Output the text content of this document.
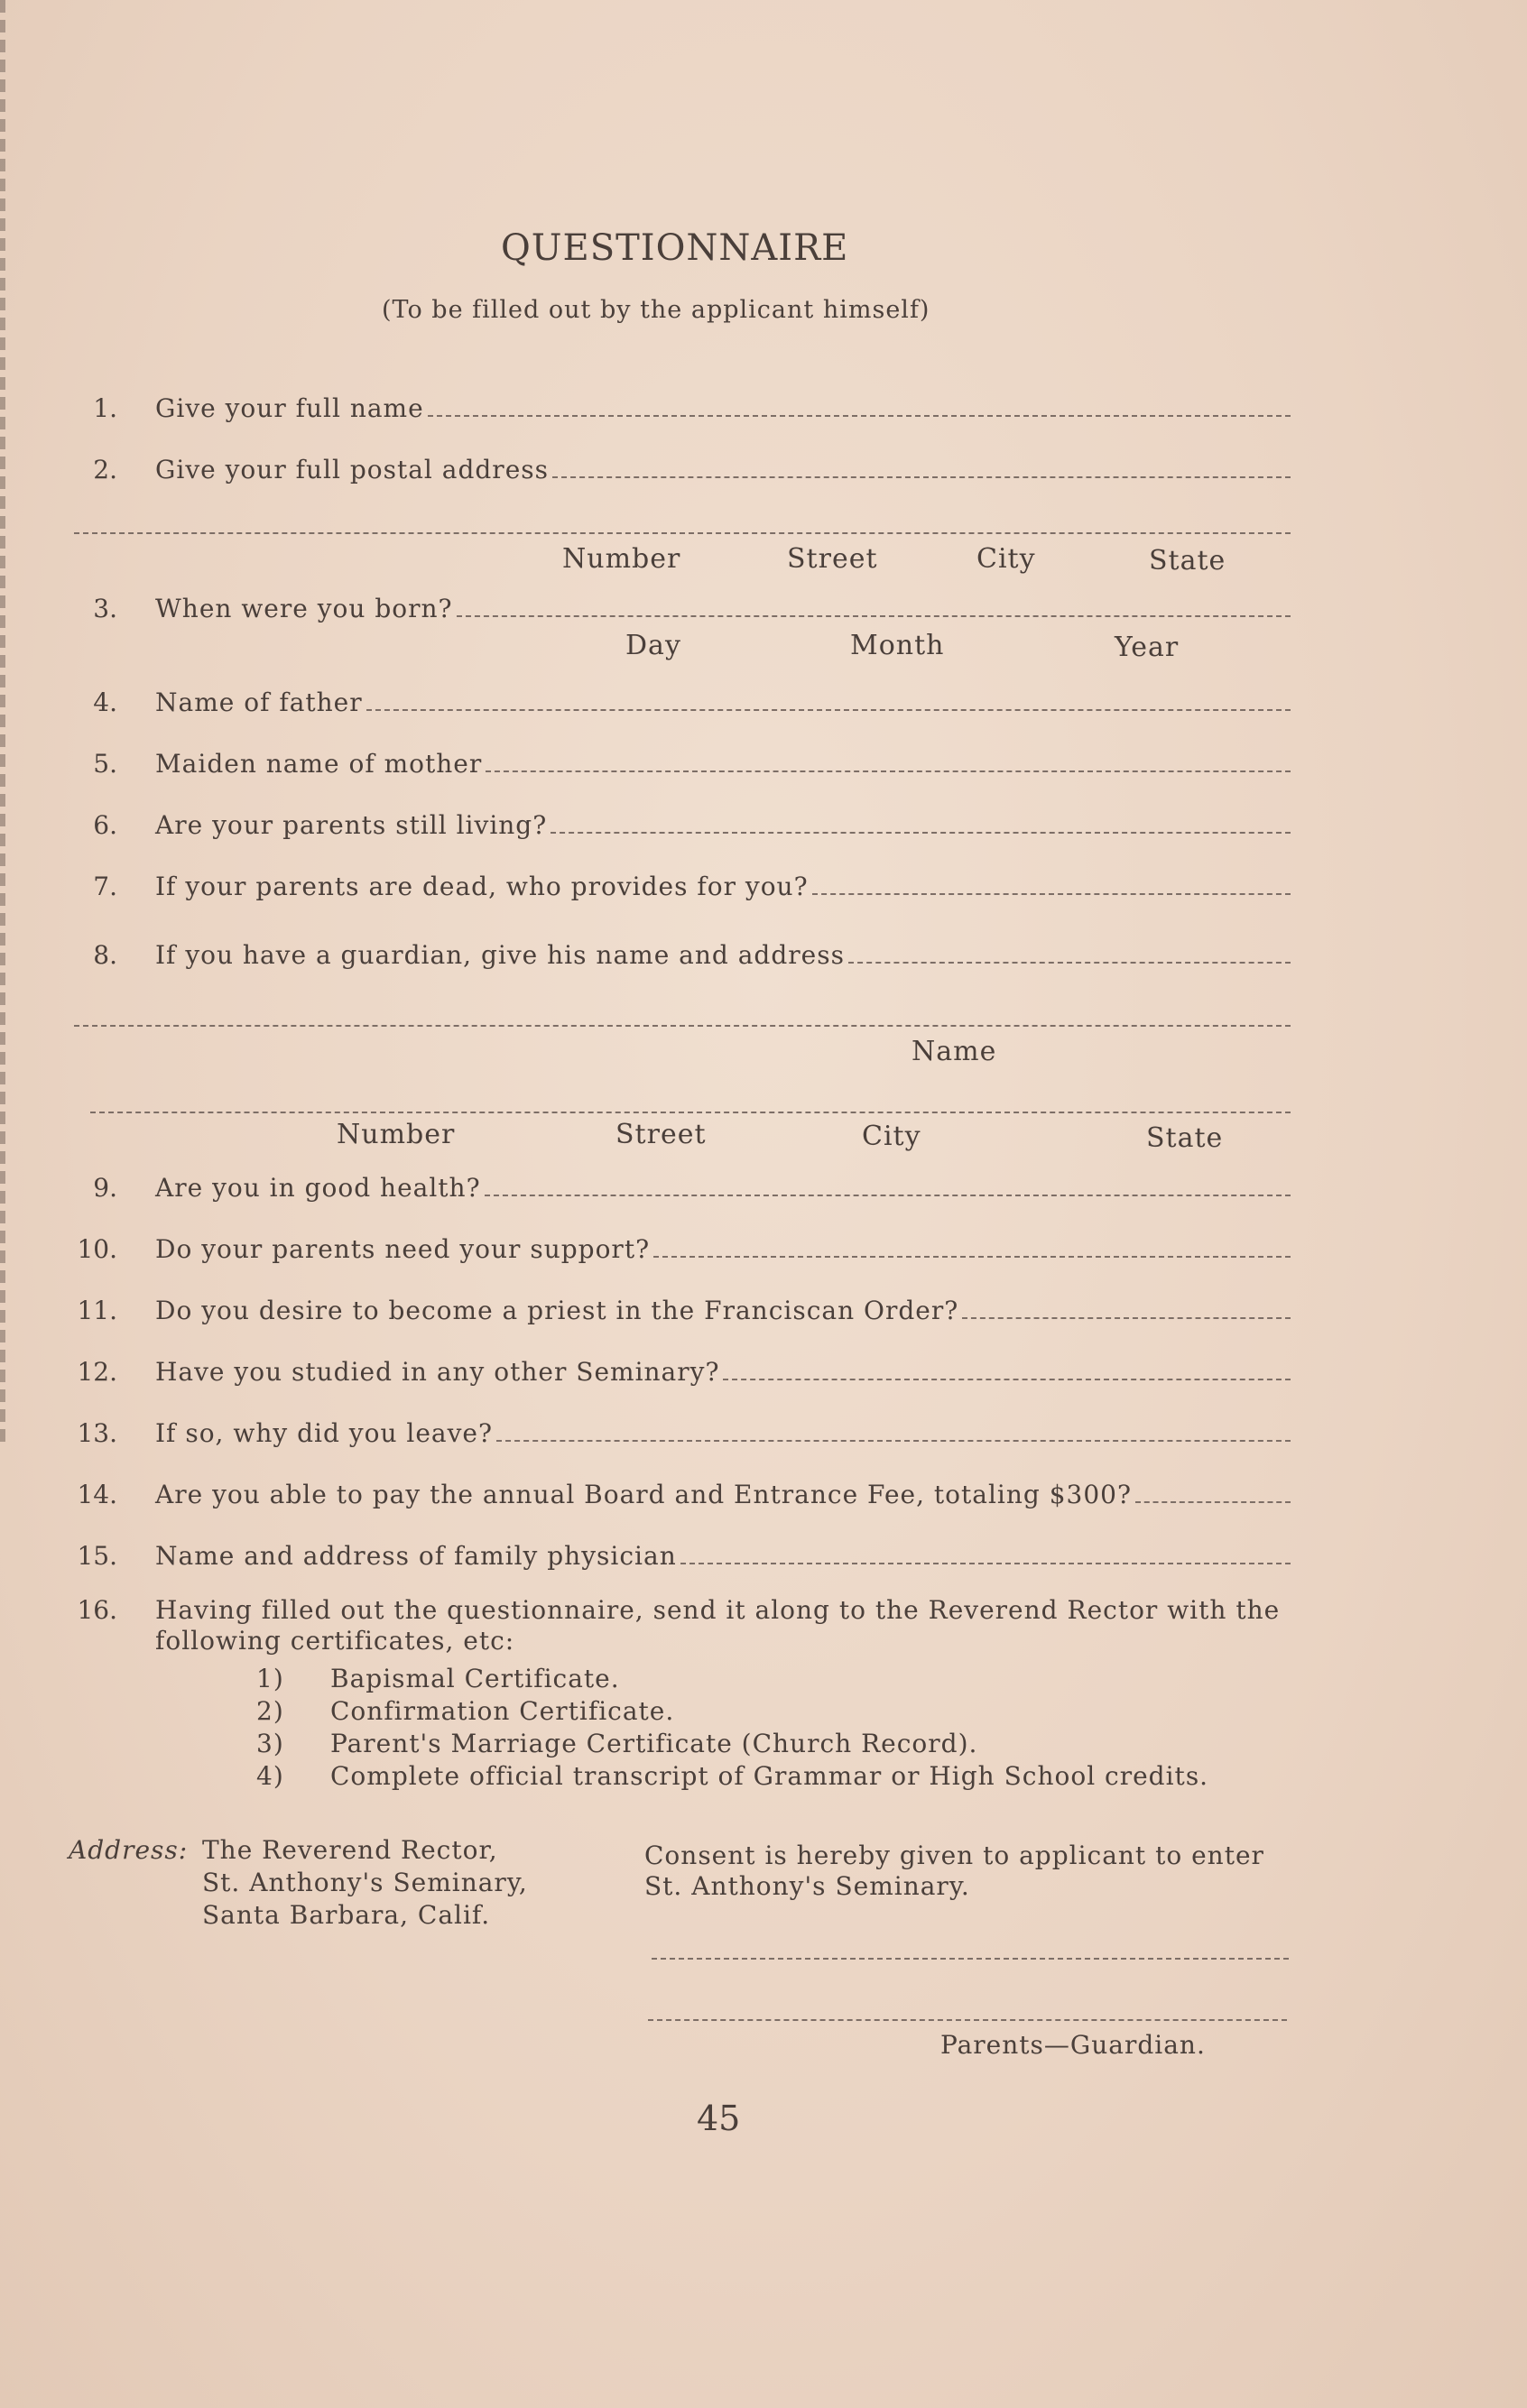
QUESTIONNAIRE
(To be filled out by the applicant himself)
1. Give your full name
2. Give your full postal address
Number	Street	City	State
3. When were you born?
Day	Month	Year
4. Name of father
5. Maiden name of mother
6. Are your parents still living?
7. If your parents are dead, who provides for you?
8. If you have a guardian, give his name and address
Name
Number	Street	City	State
9. Are you in good health?
10. Do your parents need your support?
11. Do you desire to become a priest in the Franciscan Order?
12. Have you studied in any other Seminary?
13. If so, why did you leave?
14. Are you able to pay the annual Board and Entrance Fee, totaling $300?
15. Name and address of family physician
16. Having filled out the questionnaire, send it along to the Reverend Rector with the following certificates, etc:
1) Bapismal Certificate.
2) Confirmation Certificate.
3) Parent's Marriage Certificate (Church Record).
4) Complete official transcript of Grammar or High School credits.
Address: The Reverend Rector,
St. Anthony's Seminary,
Santa Barbara, Calif.
Consent is hereby given to applicant to enter
St. Anthony's Seminary.
Parents—Guardian.
45
